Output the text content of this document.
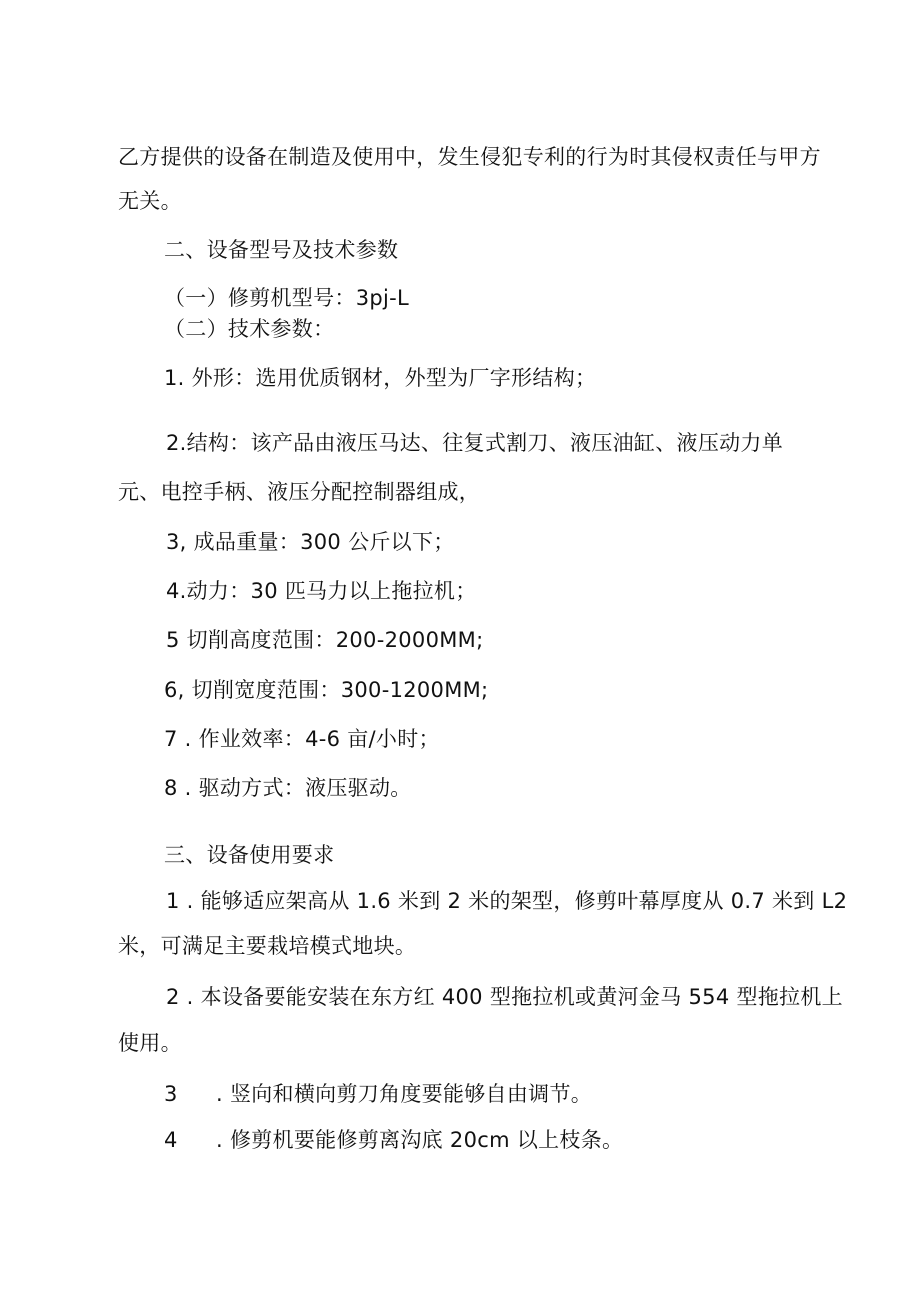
乙方提供的设备在制造及使用中，发生侵犯专利的行为时其侵权责任与甲方
无关。
二、设备型号及技术参数
（一）修剪机型号：3pj-L
（二）技术参数：
1. 外形：选用优质钢材，外型为厂字形结构；
2.结构：该产品由液压马达、往复式割刀、液压油缸、液压动力单
元、电控手柄、液压分配控制器组成，
3, 成品重量：300 公斤以下；
4.动力：30 匹马力以上拖拉机；
5 切削高度范围：200-2000MM;
6, 切削宽度范围：300-1200MM;
7 . 作业效率：4-6 亩/小时；
8 . 驱动方式：液压驱动。
三、设备使用要求
1 . 能够适应架高从 1.6 米到 2 米的架型，修剪叶幕厚度从 0.7 米到 L2
米，可满足主要栽培模式地块。
2 . 本设备要能安装在东方红 400 型拖拉机或黄河金马 554 型拖拉机上
使用。
3 . 竖向和横向剪刀角度要能够自由调节。
4 . 修剪机要能修剪离沟底 20cm 以上枝条。
